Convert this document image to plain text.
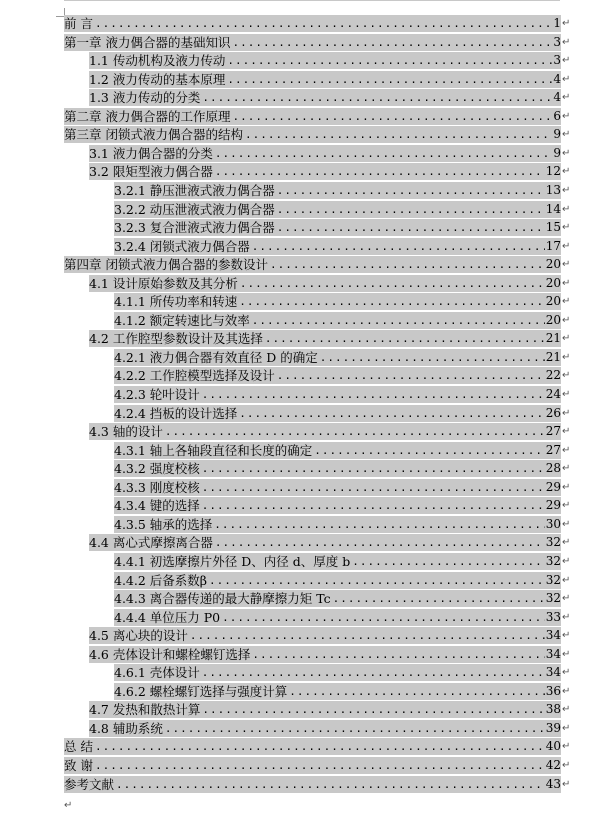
前 言 .....	1 ↵
第一章 液力偶合器的基础知识 .....	3 ↵
1.1 传动机构及液力传动 .....	3 ↵
1.2 液力传动的基本原理 .....	4 ↵
1.3 液力传动的分类 .....	4 ↵
第二章 液力偶合器的工作原理 .....	6 ↵
第三章 闭锁式液力偶合器的结构 .....	9 ↵
3.1 液力偶合器的分类 .....	9 ↵
3.2 限矩型液力偶合器 .....	12 ↵
3.2.1 静压泄液式液力偶合器 .....	13 ↵
3.2.2 动压泄液式液力偶合器 .....	14 ↵
3.2.3 复合泄液式液力偶合器 .....	15 ↵
3.2.4 闭锁式液力偶合器 .....	17 ↵
第四章 闭锁式液力偶合器的参数设计 .....	20 ↵
4.1 设计原始参数及其分析 .....	20 ↵
4.1.1 所传功率和转速 .....	20 ↵
4.1.2 额定转速比与效率 .....	20 ↵
4.2 工作腔型参数设计及其选择 .....	21 ↵
4.2.1 液力偶合器有效直径 D 的确定 .....	21 ↵
4.2.2 工作腔模型选择及设计 .....	22 ↵
4.2.3 轮叶设计 .....	24 ↵
4.2.4 挡板的设计选择 .....	26 ↵
4.3 轴的设计 .....	27 ↵
4.3.1 轴上各轴段直径和长度的确定 .....	27 ↵
4.3.2 强度校核 .....	28 ↵
4.3.3 刚度校核 .....	29 ↵
4.3.4 键的选择 .....	29 ↵
4.3.5 轴承的选择 .....	30 ↵
4.4 离心式摩擦离合器 .....	32 ↵
4.4.1 初选摩擦片外径 D、内径 d、厚度 b .....	32 ↵
4.4.2 后备系数β .....	32 ↵
4.4.3 离合器传递的最大静摩擦力矩 Tc .....	32 ↵
4.4.4 单位压力 P0 .....	33 ↵
4.5 离心块的设计 .....	34 ↵
4.6 壳体设计和螺栓螺钉选择 .....	34 ↵
4.6.1 壳体设计 .....	34 ↵
4.6.2 螺栓螺钉选择与强度计算 .....	36 ↵
4.7 发热和散热计算 .....	38 ↵
4.8 辅助系统 .....	39 ↵
总 结 .....	40 ↵
致 谢 .....	42 ↵
参考文献 .....	43 ↵
↵
